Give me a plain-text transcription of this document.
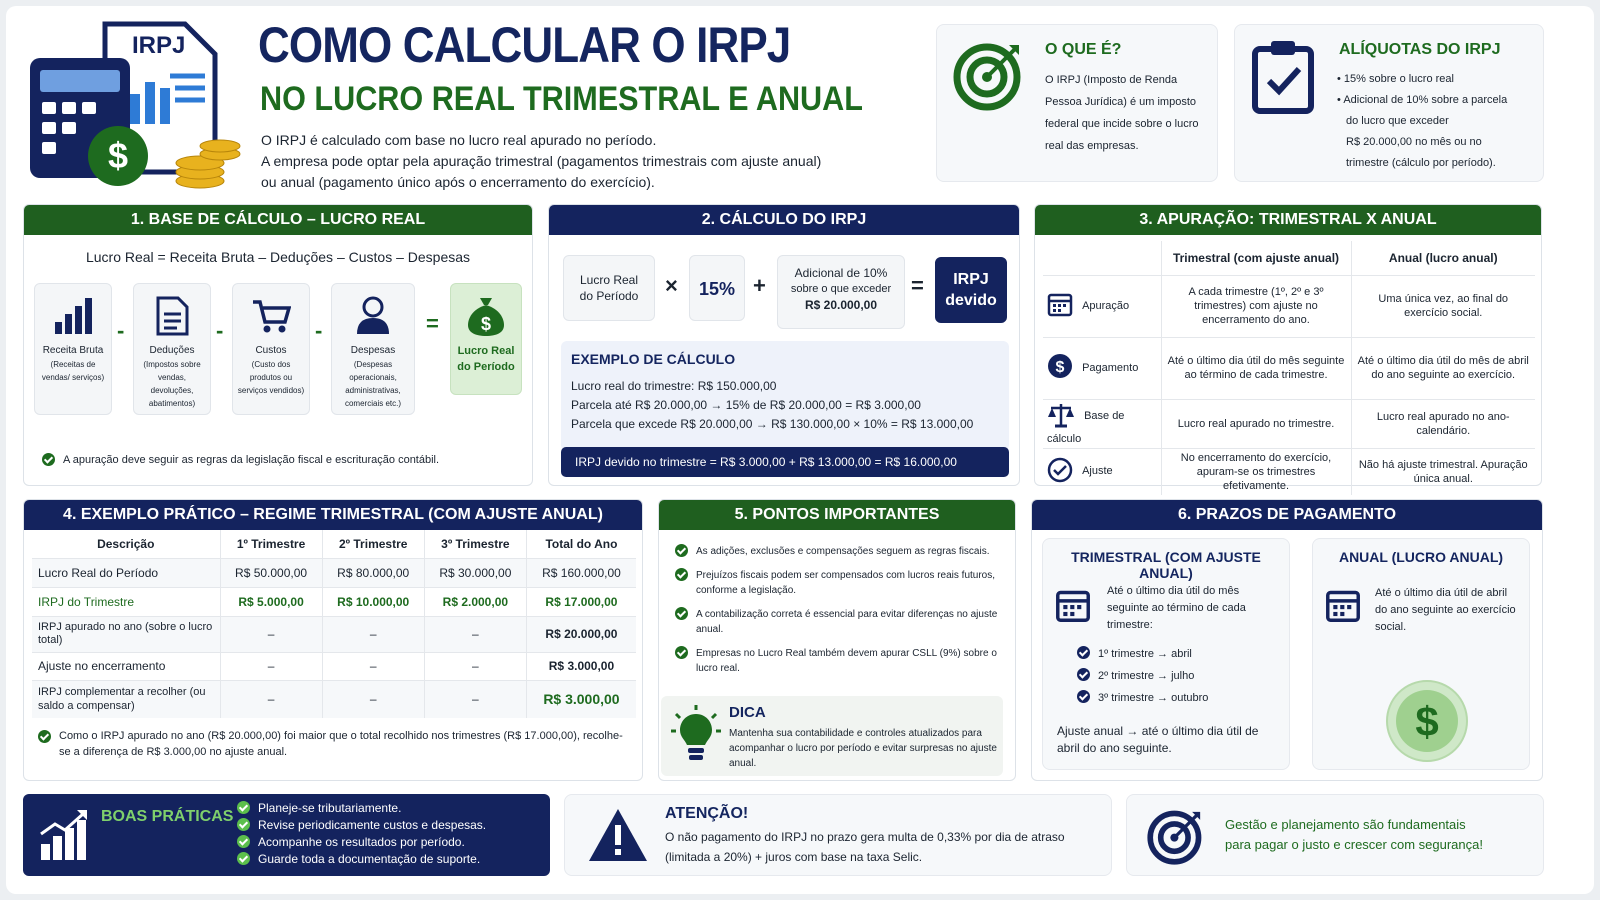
$
IRPJ COMO CALCULAR O IRPJ
NO LUCRO REAL TRIMESTRAL E ANUAL
O IRPJ é calculado com base no lucro real apurado no período.
A empresa pode optar pela apuração trimestral (pagamentos trimestrais com ajuste anual)
ou anual (pagamento único após o encerramento do exercício).
O QUE É?
O IRPJ (Imposto de Renda
Pessoa Jurídica) é um imposto
federal que incide sobre o lucro
real das empresas.
ALÍQUOTAS DO IRPJ
• 15% sobre o lucro real
• Adicional de 10% sobre a parcela
do lucro que exceder
R$ 20.000,00 no mês ou no
trimestre (cálculo por período).
1. BASE DE CÁLCULO – LUCRO REAL
Lucro Real = Receita Bruta – Deduções – Custos – Despesas
Receita Bruta
(Receitas de vendas/ serviços)
-
Deduções
(Impostos sobre vendas, devoluções, abatimentos)
-
Custos
(Custo dos produtos ou serviços vendidos)
-
Despesas
(Despesas operacionais, administrativas, comerciais etc.)
= $
Lucro Real do Período
A apuração deve seguir as regras da legislação fiscal e escrituração contábil.
2. CÁLCULO DO IRPJ
Lucro Real do Período	×	15% +	Adicional de 10%
sobre o que exceder
R$ 20.000,00
=	IRPJ devido
EXEMPLO DE CÁLCULO
Lucro real do trimestre: R$ 150.000,00
Parcela até R$ 20.000,00 → 15% de R$ 20.000,00 = R$ 3.000,00
Parcela que excede R$ 20.000,00 → R$ 130.000,00 × 10% = R$ 13.000,00
IRPJ devido no trimestre = R$ 3.000,00 + R$ 13.000,00 = R$ 16.000,00
3. APURAÇÃO: TRIMESTRAL X ANUAL
	Trimestral (com ajuste anual)	Anual (lucro anual)
Apuração	A cada trimestre (1º, 2º e 3º trimestres) com ajuste no encerramento do ano.	Uma única vez, ao final do exercício social.

$ Pagamento	Até o último dia útil do mês seguinte ao término de cada trimestre.	Até o último dia útil do mês de abril do ano seguinte ao exercício.
Base de cálculo	Lucro real apurado no trimestre.	Lucro real apurado no ano-calendário.
Ajuste	No encerramento do exercício, apuram-se os trimestres efetivamente.	Não há ajuste trimestral. Apuração única anual.
4. EXEMPLO PRÁTICO – REGIME TRIMESTRAL (COM AJUSTE ANUAL)
Descrição	1º Trimestre	2º Trimestre	3º Trimestre	Total do Ano
Lucro Real do Período	R$ 50.000,00	R$ 80.000,00	R$ 30.000,00	R$ 160.000,00
IRPJ do Trimestre	R$ 5.000,00	R$ 10.000,00	R$ 2.000,00	R$ 17.000,00
IRPJ apurado no ano (sobre o lucro total)	–	–	–	R$ 20.000,00
Ajuste no encerramento	–	–	–	R$ 3.000,00
IRPJ complementar a recolher (ou saldo a compensar)	–	–	–	R$ 3.000,00
Como o IRPJ apurado no ano (R$ 20.000,00) foi maior que o total recolhido nos trimestres (R$ 17.000,00), recolhe-se a diferença de R$ 3.000,00 no ajuste anual.
5. PONTOS IMPORTANTES
As adições, exclusões e compensações seguem as regras fiscais.
Prejuízos fiscais podem ser compensados com lucros reais futuros, conforme a legislação.
A contabilização correta é essencial para evitar diferenças no ajuste anual.
Empresas no Lucro Real também devem apurar CSLL (9%) sobre o lucro real.
DICA
Mantenha sua contabilidade e controles atualizados para acompanhar o lucro por período e evitar surpresas no ajuste anual.
6. PRAZOS DE PAGAMENTO
TRIMESTRAL (COM AJUSTE ANUAL)
Até o último dia útil do mês seguinte ao término de cada trimestre:
1º trimestre → abril
2º trimestre → julho
3º trimestre → outubro
Ajuste anual → até o último dia útil de abril do ano seguinte.
ANUAL (LUCRO ANUAL)
Até o último dia útil de abril do ano seguinte ao exercício social.
$
BOAS PRÁTICAS	Planeje-se tributariamente.
Revise periodicamente custos e despesas.
Acompanhe os resultados por período.
Guarde toda a documentação de suporte.
ATENÇÃO!
O não pagamento do IRPJ no prazo gera multa de 0,33% por dia de atraso
(limitada a 20%) + juros com base na taxa Selic.
Gestão e planejamento são fundamentais
para pagar o justo e crescer com segurança!
